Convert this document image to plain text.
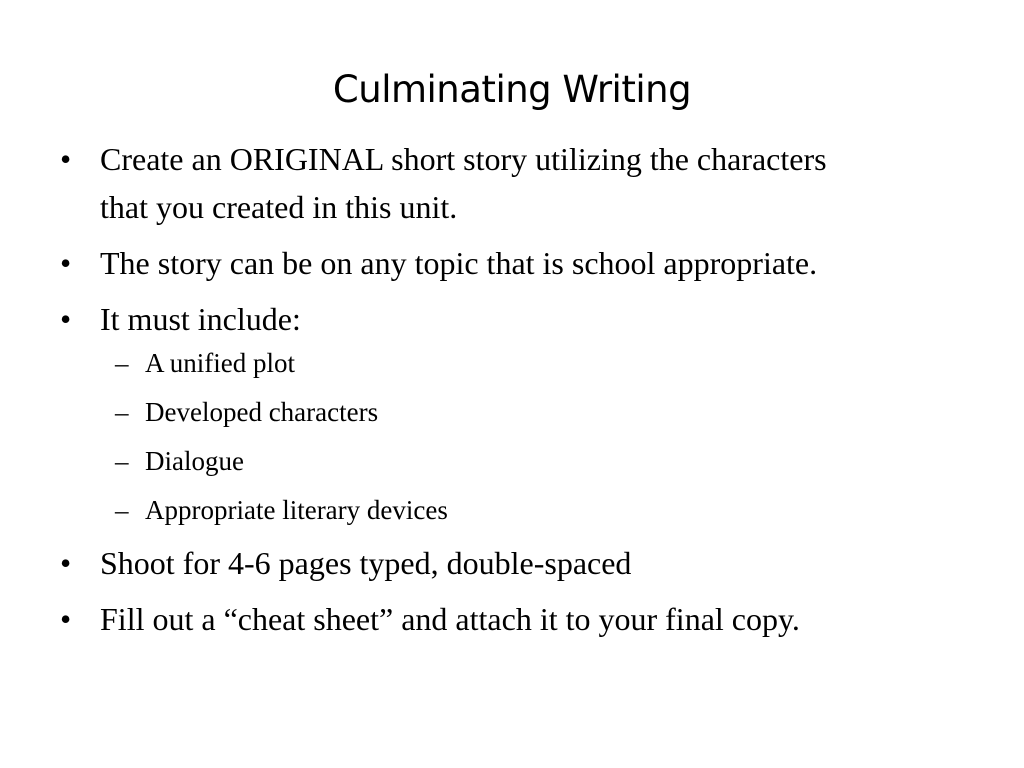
Culminating Writing
• Create an ORIGINAL short story utilizing the characters that you created in this unit.
• The story can be on any topic that is school appropriate.
• It must include:
– A unified plot
– Developed characters
– Dialogue
– Appropriate literary devices
• Shoot for 4-6 pages typed, double-spaced
• Fill out a “cheat sheet” and attach it to your final copy.
